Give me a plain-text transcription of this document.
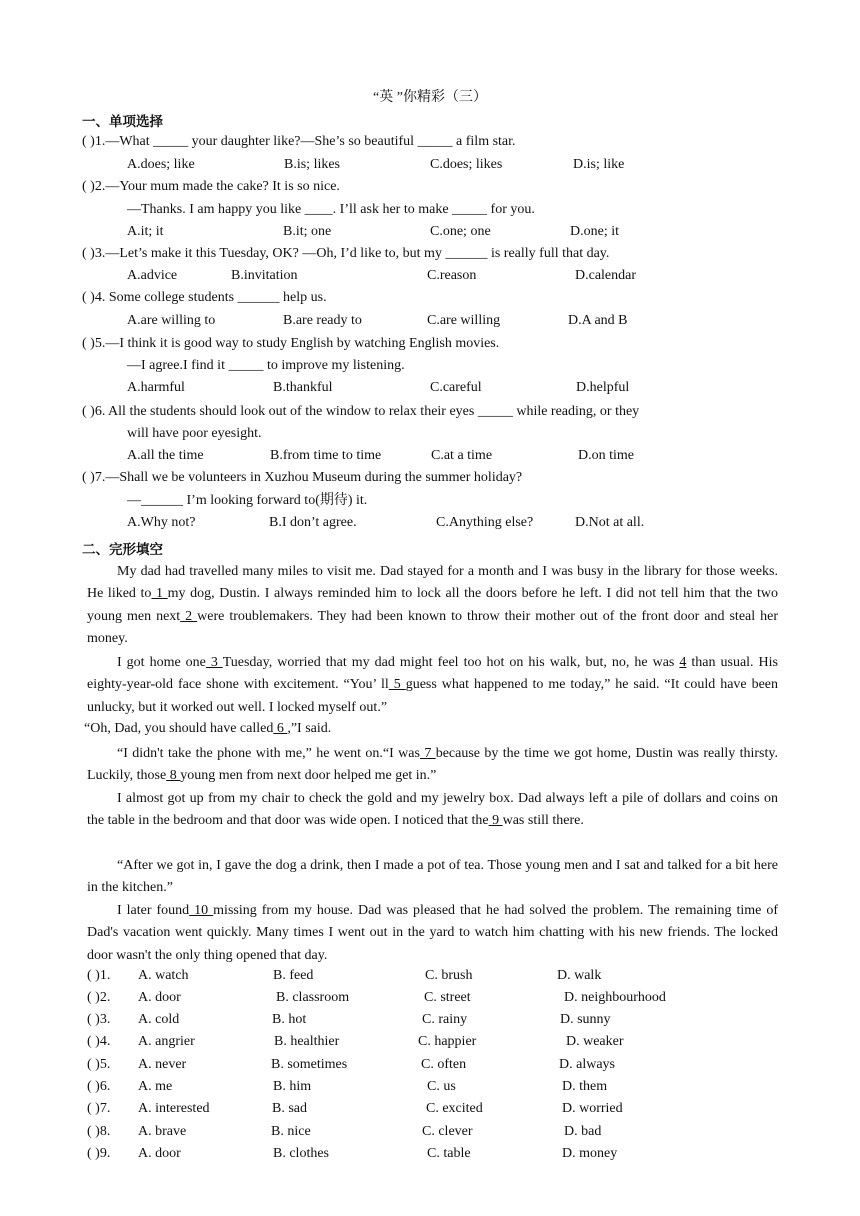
“英 ”你精彩（三）
一、单项选择
( )1.—What _____ your daughter like?—She’s so beautiful _____ a film star.
A.does; like	B.is; likes	C.does; likes	D.is; like
( )2.—Your mum made the cake? It is so nice.
—Thanks. I am happy you like ____. I’ll ask her to make _____ for you.
A.it; it	B.it; one	C.one; one	D.one; it
( )3.—Let’s make it this Tuesday, OK? —Oh, I’d like to, but my ______ is really full that day.
A.advice	B.invitation	C.reason	D.calendar
( )4. Some college students ______ help us.
A.are willing to	B.are ready to	C.are willing	D.A and B
( )5.—I think it is good way to study English by watching English movies.
—I agree.I find it _____ to improve my listening.
A.harmful	B.thankful	C.careful	D.helpful
( )6. All the students should look out of the window to relax their eyes _____ while reading, or they
will have poor eyesight.
A.all the time	B.from time to time	C.at a time	D.on time
( )7.—Shall we be volunteers in Xuzhou Museum during the summer holiday?
—______ I’m looking forward to(期待) it.
A.Why not?	B.I don’t agree.	C.Anything else?	D.Not at all.
二、完形填空
My dad had travelled many miles to visit me. Dad stayed for a month and I was busy in the library for those weeks. He liked to 1 my dog, Dustin. I always reminded him to lock all the doors before he left. I did not tell him that the two young men next 2 were troublemakers. They had been known to throw their mother out of the front door and steal her money.
I got home one 3 Tuesday, worried that my dad might feel too hot on his walk, but, no, he was 4 than usual. His eighty-year-old face shone with excitement. “You’ ll 5 guess what happened to me today,” he said. “It could have been unlucky, but it worked out well. I locked myself out.”
“Oh, Dad, you should have called 6 ,”I said.
“I didn't take the phone with me,” he went on.“I was 7 because by the time we got home, Dustin was really thirsty. Luckily, those 8 young men from next door helped me get in.”
I almost got up from my chair to check the gold and my jewelry box. Dad always left a pile of dollars and coins on the table in the bedroom and that door was wide open. I noticed that the 9 was still there.
“After we got in, I gave the dog a drink, then I made a pot of tea. Those young men and I sat and talked for a bit here in the kitchen.”
I later found 10 missing from my house. Dad was pleased that he had solved the problem. The remaining time of Dad's vacation went quickly. Many times I went out in the yard to watch him chatting with his new friends. The locked door wasn't the only thing opened that day.
( )1. A. watch	B. feed	C. brush	D. walk
( )2. A. door	B. classroom	C. street	D. neighbourhood
( )3. A. cold	B. hot	C. rainy	D. sunny
( )4. A. angrier	B. healthier	C. happier	D. weaker
( )5. A. never	B. sometimes	C. often	D. always
( )6. A. me	B. him	C. us	D. them
( )7. A. interested	B. sad	C. excited	D. worried
( )8. A. brave	B. nice	C. clever	D. bad
( )9. A. door	B. clothes	C. table	D. money
